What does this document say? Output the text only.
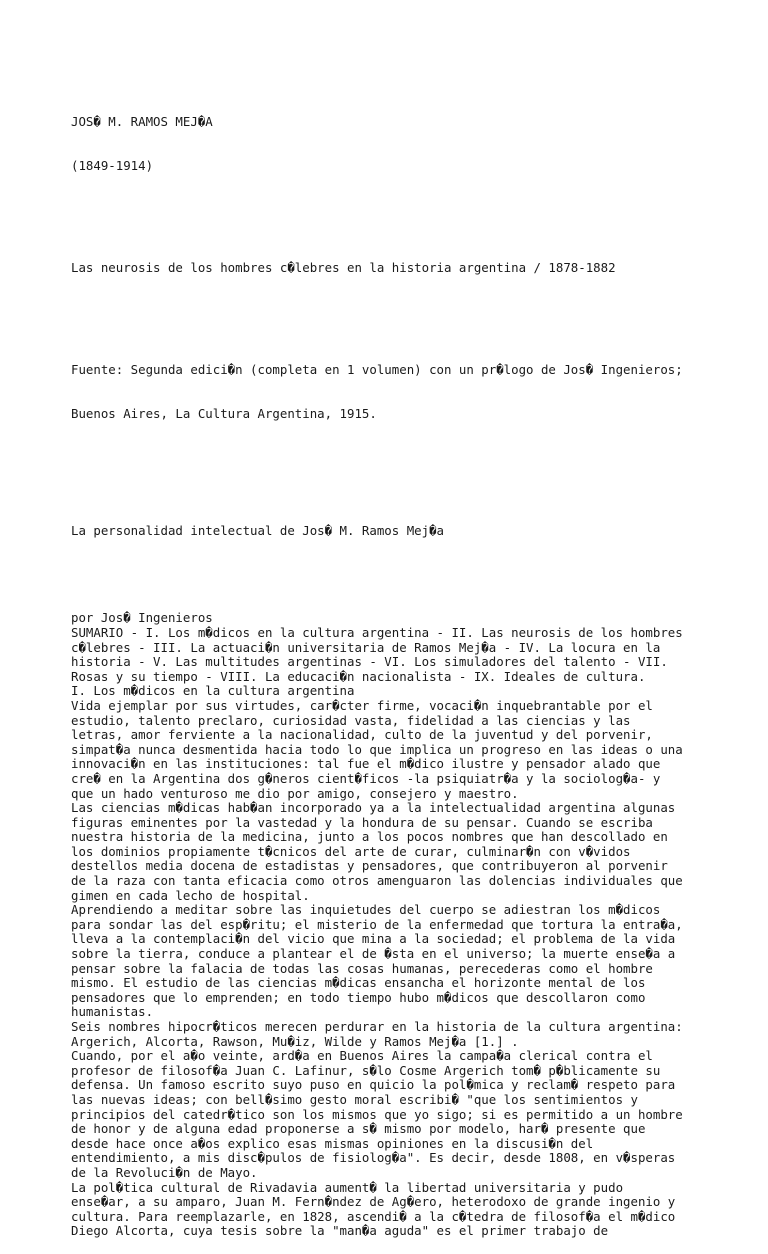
JOS� M. RAMOS MEJ�A

(1849-1914)

Las neurosis de los hombres c�lebres en la historia argentina / 1878-1882

Fuente: Segunda edici�n (completa en 1 volumen) con un pr�logo de Jos� Ingenieros;

Buenos Aires, La Cultura Argentina, 1915.

La personalidad intelectual de Jos� M. Ramos Mej�a

por Jos� Ingenieros
SUMARIO - I. Los m�dicos en la cultura argentina - II. Las neurosis de los hombres
c�lebres - III. La actuaci�n universitaria de Ramos Mej�a - IV. La locura en la
historia - V. Las multitudes argentinas - VI. Los simuladores del talento - VII.
Rosas y su tiempo - VIII. La educaci�n nacionalista - IX. Ideales de cultura.
I. Los m�dicos en la cultura argentina
Vida ejemplar por sus virtudes, car�cter firme, vocaci�n inquebrantable por el
estudio, talento preclaro, curiosidad vasta, fidelidad a las ciencias y las
letras, amor ferviente a la nacionalidad, culto de la juventud y del porvenir,
simpat�a nunca desmentida hacia todo lo que implica un progreso en las ideas o una
innovaci�n en las instituciones: tal fue el m�dico ilustre y pensador alado que
cre� en la Argentina dos g�neros cient�ficos -la psiquiatr�a y la sociolog�a- y
que un hado venturoso me dio por amigo, consejero y maestro.
Las ciencias m�dicas hab�an incorporado ya a la intelectualidad argentina algunas
figuras eminentes por la vastedad y la hondura de su pensar. Cuando se escriba
nuestra historia de la medicina, junto a los pocos nombres que han descollado en
los dominios propiamente t�cnicos del arte de curar, culminar�n con v�vidos
destellos media docena de estadistas y pensadores, que contribuyeron al porvenir
de la raza con tanta eficacia como otros amenguaron las dolencias individuales que
gimen en cada lecho de hospital.
Aprendiendo a meditar sobre las inquietudes del cuerpo se adiestran los m�dicos
para sondar las del esp�ritu; el misterio de la enfermedad que tortura la entra�a,
lleva a la contemplaci�n del vicio que mina a la sociedad; el problema de la vida
sobre la tierra, conduce a plantear el de �sta en el universo; la muerte ense�a a
pensar sobre la falacia de todas las cosas humanas, perecederas como el hombre
mismo. El estudio de las ciencias m�dicas ensancha el horizonte mental de los
pensadores que lo emprenden; en todo tiempo hubo m�dicos que descollaron como
humanistas.
Seis nombres hipocr�ticos merecen perdurar en la historia de la cultura argentina:
Argerich, Alcorta, Rawson, Mu�iz, Wilde y Ramos Mej�a [1.] .
Cuando, por el a�o veinte, ard�a en Buenos Aires la campa�a clerical contra el
profesor de filosof�a Juan C. Lafinur, s�lo Cosme Argerich tom� p�blicamente su
defensa. Un famoso escrito suyo puso en quicio la pol�mica y reclam� respeto para
las nuevas ideas; con bell�simo gesto moral escribi� "que los sentimientos y
principios del catedr�tico son los mismos que yo sigo; si es permitido a un hombre
de honor y de alguna edad proponerse a s� mismo por modelo, har� presente que
desde hace once a�os explico esas mismas opiniones en la discusi�n del
entendimiento, a mis disc�pulos de fisiolog�a". Es decir, desde 1808, en v�speras
de la Revoluci�n de Mayo.
La pol�tica cultural de Rivadavia aument� la libertad universitaria y pudo
ense�ar, a su amparo, Juan M. Fern�ndez de Ag�ero, heterodoxo de grande ingenio y
cultura. Para reemplazarle, en 1828, ascendi� a la c�tedra de filosof�a el m�dico
Diego Alcorta, cuya tesis sobre la "man�a aguda" es el primer trabajo de
